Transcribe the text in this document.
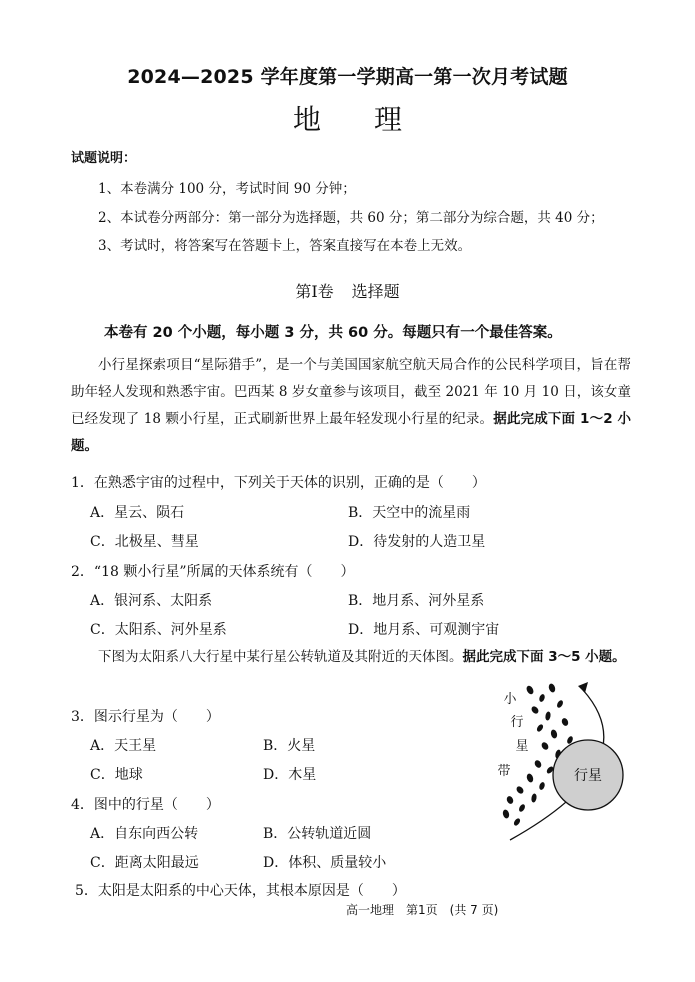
2024—2025 学年度第一学期高一第一次月考试题
地 理
试题说明：
1、本卷满分 100 分，考试时间 90 分钟；
2、本试卷分两部分：第一部分为选择题，共 60 分；第二部分为综合题，共 40 分；
3、考试时，将答案写在答题卡上，答案直接写在本卷上无效。
第Ⅰ卷 选择题
本卷有 20 个小题，每小题 3 分，共 60 分。每题只有一个最佳答案。
小行星探索项目“星际猎手”，是一个与美国国家航空航天局合作的公民科学项目，旨在帮助年轻人发现和熟悉宇宙。巴西某 8 岁女童参与该项目，截至 2021 年 10 月 10 日，该女童已经发现了 18 颗小行星，正式刷新世界上最年轻发现小行星的纪录。据此完成下面 1～2 小题。
1．在熟悉宇宙的过程中，下列关于天体的识别，正确的是（　　）
A．星云、陨石	B．天空中的流星雨
C．北极星、彗星	D．待发射的人造卫星
2．“18 颗小行星”所属的天体系统有（　　）
A．银河系、太阳系	B．地月系、河外星系
C．太阳系、河外星系	D．地月系、可观测宇宙
下图为太阳系八大行星中某行星公转轨道及其附近的天体图。据此完成下面 3～5 小题。
行星
小
行
星
带
3．图示行星为（　　）
A．天王星	B．火星
C．地球	D．木星
4．图中的行星（　　）
A．自东向西公转	B．公转轨道近圆
C．距离太阳最远	D．体积、质量较小
5．太阳是太阳系的中心天体，其根本原因是（　　）
高一地理　第1页　(共 7 页)
